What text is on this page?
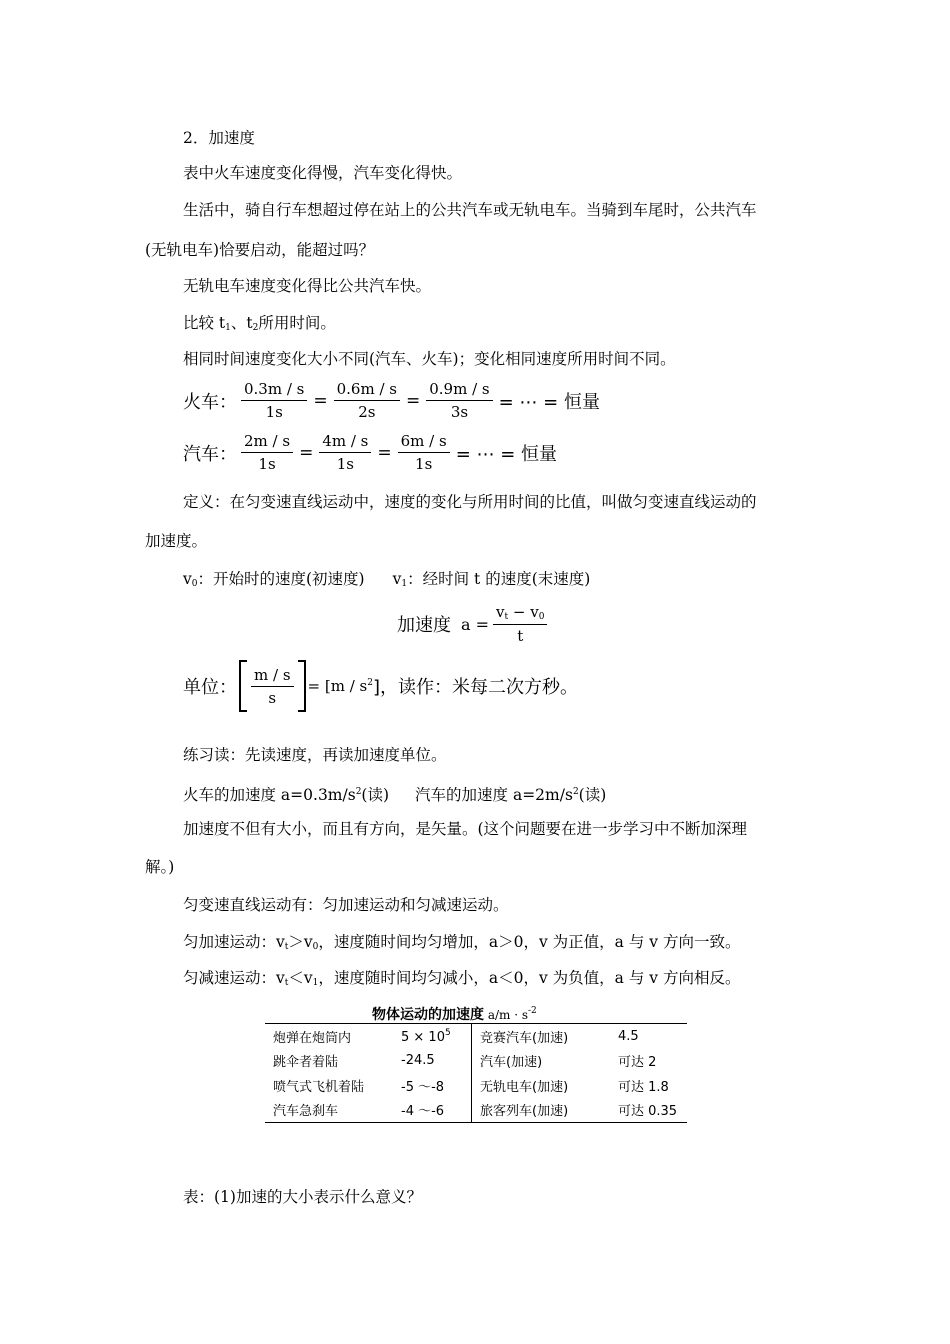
2．加速度
表中火车速度变化得慢，汽车变化得快。
生活中，骑自行车想超过停在站上的公共汽车或无轨电车。当骑到车尾时，公共汽车
(无轨电车)恰要启动，能超过吗？
无轨电车速度变化得比公共汽车快。
比较 $t_1$、$t_2$所用时间。
相同时间速度变化大小不同(汽车、火车)；变化相同速度所用时间不同。
火车： $\frac{0.3m / s}{1s} = \frac{0.6m / s}{2s} = \frac{0.9m / s}{3s}$ = ⋯ = 恒量
汽车： $\frac{2m / s}{1s} = \frac{4m / s}{1s} = \frac{6m / s}{1s}$ = ⋯ = 恒量
定义：在匀变速直线运动中，速度的变化与所用时间的比值，叫做匀变速直线运动的
加速度。
$v_0$：开始时的速度(初速度) $v_1$：经时间 t 的速度(末速度)
加速度 $a = \frac{v_t - v_0}{t}$
单位： $\frac{m / s}{s} = [m / s^2$ ]，读作：米每二次方秒。
练习读：先读速度，再读加速度单位。
火车的加速度 $a=0.3m/s^2$(读) 汽车的加速度 $a=2m/s^2$(读)
加速度不但有大小，而且有方向，是矢量。(这个问题要在进一步学习中不断加深理
解。)
匀变速直线运动有：匀加速运动和匀减速运动。
匀加速运动：$v_t>v_0$，速度随时间均匀增加，a＞0，v 为正值，a 与 v 方向一致。
匀减速运动：$v_t<v_1$，速度随时间均匀减小，a＜0，v 为负值，a 与 v 方向相反。
物体运动的加速度 $a/m \cdot s^{-2}$
炮弹在炮筒内	$5 \times 10^5$	竞赛汽车(加速)	4.5
跳伞者着陆	-24.5	汽车(加速)	可达 2
喷气式飞机着陆	-5 ～-8	无轨电车(加速)	可达 1.8
汽车急刹车	-4 ～-6	旅客列车(加速)	可达 0.35
表：(1)加速的大小表示什么意义？
